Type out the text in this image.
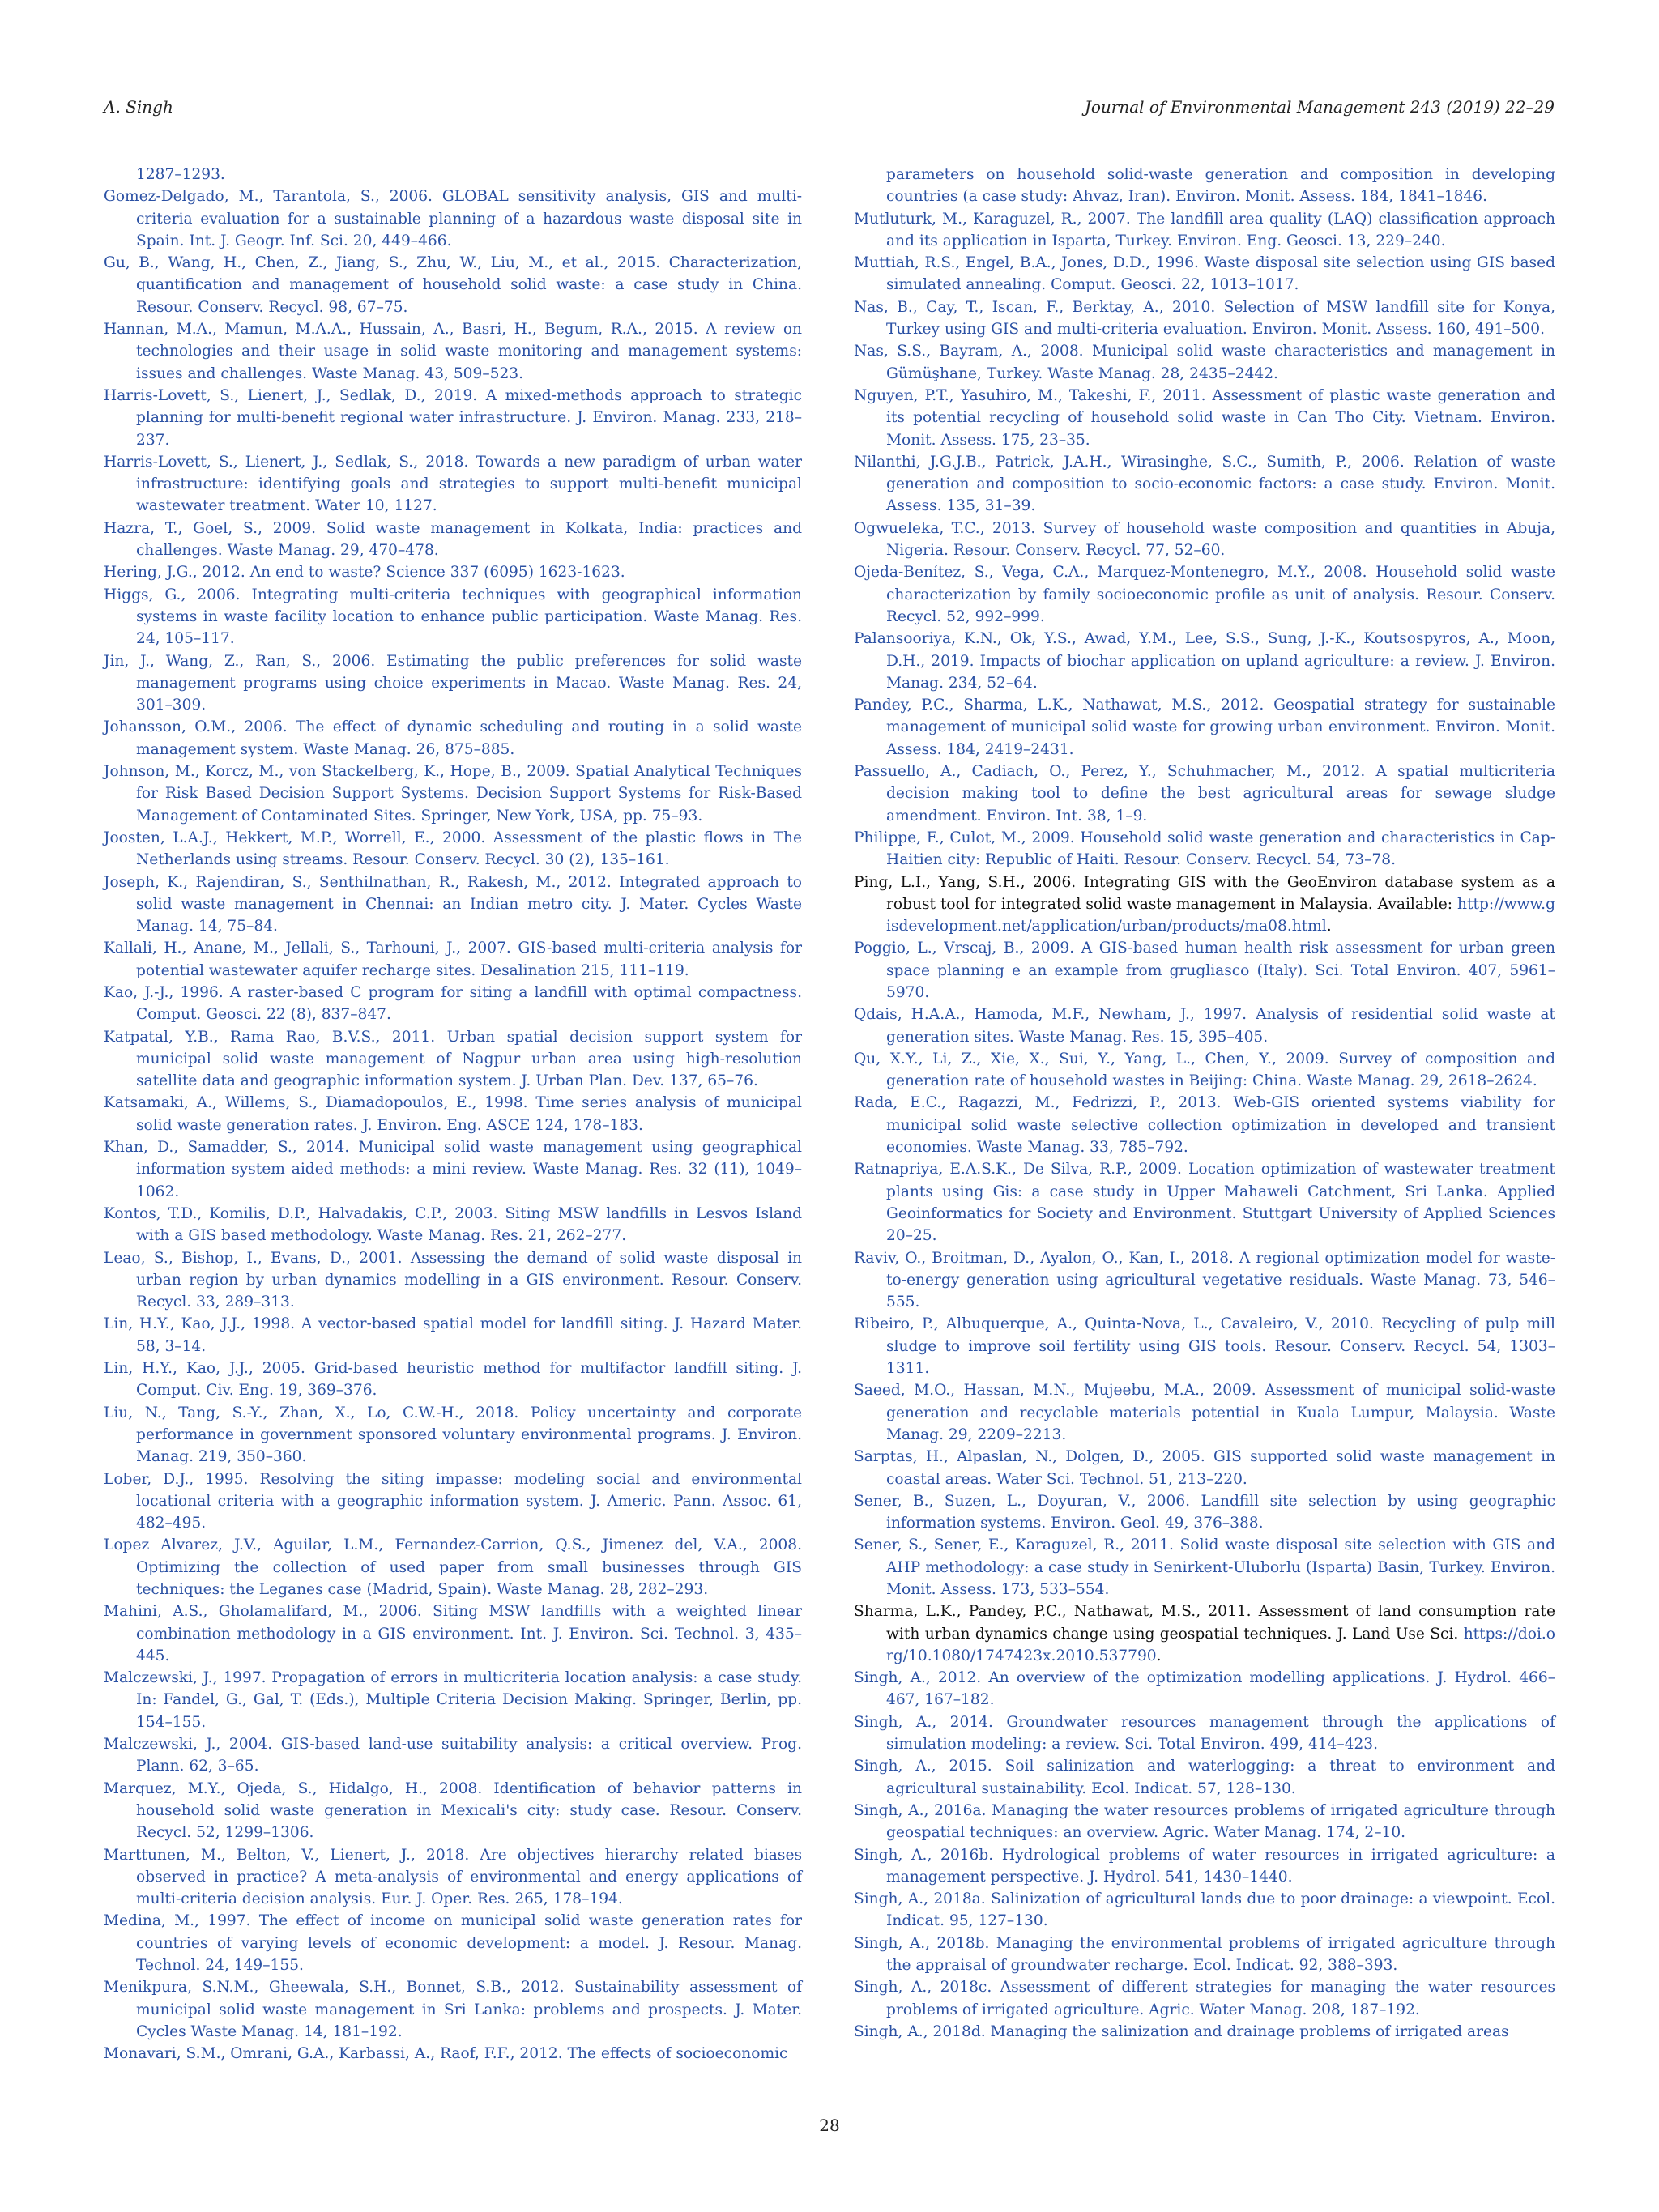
A. Singh	Journal of Environmental Management 243 (2019) 22–29

1287–1293.

Gomez-Delgado, M., Tarantola, S., 2006. GLOBAL sensitivity analysis, GIS and multi-criteria evaluation for a sustainable planning of a hazardous waste disposal site in Spain. Int. J. Geogr. Inf. Sci. 20, 449–466.

Gu, B., Wang, H., Chen, Z., Jiang, S., Zhu, W., Liu, M., et al., 2015. Characterization, quantification and management of household solid waste: a case study in China. Resour. Conserv. Recycl. 98, 67–75.

Hannan, M.A., Mamun, M.A.A., Hussain, A., Basri, H., Begum, R.A., 2015. A review on technologies and their usage in solid waste monitoring and management systems: issues and challenges. Waste Manag. 43, 509–523.

Harris-Lovett, S., Lienert, J., Sedlak, D., 2019. A mixed-methods approach to strategic planning for multi-benefit regional water infrastructure. J. Environ. Manag. 233, 218–237.

Harris-Lovett, S., Lienert, J., Sedlak, S., 2018. Towards a new paradigm of urban water infrastructure: identifying goals and strategies to support multi-benefit municipal wastewater treatment. Water 10, 1127.

Hazra, T., Goel, S., 2009. Solid waste management in Kolkata, India: practices and challenges. Waste Manag. 29, 470–478.

Hering, J.G., 2012. An end to waste? Science 337 (6095) 1623-1623.

Higgs, G., 2006. Integrating multi-criteria techniques with geographical information systems in waste facility location to enhance public participation. Waste Manag. Res. 24, 105–117.

Jin, J., Wang, Z., Ran, S., 2006. Estimating the public preferences for solid waste management programs using choice experiments in Macao. Waste Manag. Res. 24, 301–309.

Johansson, O.M., 2006. The effect of dynamic scheduling and routing in a solid waste management system. Waste Manag. 26, 875–885.

Johnson, M., Korcz, M., von Stackelberg, K., Hope, B., 2009. Spatial Analytical Techniques for Risk Based Decision Support Systems. Decision Support Systems for Risk-Based Management of Contaminated Sites. Springer, New York, USA, pp. 75–93.

Joosten, L.A.J., Hekkert, M.P., Worrell, E., 2000. Assessment of the plastic flows in The Netherlands using streams. Resour. Conserv. Recycl. 30 (2), 135–161.

Joseph, K., Rajendiran, S., Senthilnathan, R., Rakesh, M., 2012. Integrated approach to solid waste management in Chennai: an Indian metro city. J. Mater. Cycles Waste Manag. 14, 75–84.

Kallali, H., Anane, M., Jellali, S., Tarhouni, J., 2007. GIS-based multi-criteria analysis for potential wastewater aquifer recharge sites. Desalination 215, 111–119.

Kao, J.-J., 1996. A raster-based C program for siting a landfill with optimal compactness. Comput. Geosci. 22 (8), 837–847.

Katpatal, Y.B., Rama Rao, B.V.S., 2011. Urban spatial decision support system for municipal solid waste management of Nagpur urban area using high-resolution satellite data and geographic information system. J. Urban Plan. Dev. 137, 65–76.

Katsamaki, A., Willems, S., Diamadopoulos, E., 1998. Time series analysis of municipal solid waste generation rates. J. Environ. Eng. ASCE 124, 178–183.

Khan, D., Samadder, S., 2014. Municipal solid waste management using geographical information system aided methods: a mini review. Waste Manag. Res. 32 (11), 1049–1062.

Kontos, T.D., Komilis, D.P., Halvadakis, C.P., 2003. Siting MSW landfills in Lesvos Island with a GIS based methodology. Waste Manag. Res. 21, 262–277.

Leao, S., Bishop, I., Evans, D., 2001. Assessing the demand of solid waste disposal in urban region by urban dynamics modelling in a GIS environment. Resour. Conserv. Recycl. 33, 289–313.

Lin, H.Y., Kao, J.J., 1998. A vector-based spatial model for landfill siting. J. Hazard Mater. 58, 3–14.

Lin, H.Y., Kao, J.J., 2005. Grid-based heuristic method for multifactor landfill siting. J. Comput. Civ. Eng. 19, 369–376.

Liu, N., Tang, S.-Y., Zhan, X., Lo, C.W.-H., 2018. Policy uncertainty and corporate performance in government sponsored voluntary environmental programs. J. Environ. Manag. 219, 350–360.

Lober, D.J., 1995. Resolving the siting impasse: modeling social and environmental locational criteria with a geographic information system. J. Americ. Pann. Assoc. 61, 482–495.

Lopez Alvarez, J.V., Aguilar, L.M., Fernandez-Carrion, Q.S., Jimenez del, V.A., 2008. Optimizing the collection of used paper from small businesses through GIS techniques: the Leganes case (Madrid, Spain). Waste Manag. 28, 282–293.

Mahini, A.S., Gholamalifard, M., 2006. Siting MSW landfills with a weighted linear combination methodology in a GIS environment. Int. J. Environ. Sci. Technol. 3, 435–445.

Malczewski, J., 1997. Propagation of errors in multicriteria location analysis: a case study. In: Fandel, G., Gal, T. (Eds.), Multiple Criteria Decision Making. Springer, Berlin, pp. 154–155.

Malczewski, J., 2004. GIS-based land-use suitability analysis: a critical overview. Prog. Plann. 62, 3–65.

Marquez, M.Y., Ojeda, S., Hidalgo, H., 2008. Identification of behavior patterns in household solid waste generation in Mexicali's city: study case. Resour. Conserv. Recycl. 52, 1299–1306.

Marttunen, M., Belton, V., Lienert, J., 2018. Are objectives hierarchy related biases observed in practice? A meta-analysis of environmental and energy applications of multi-criteria decision analysis. Eur. J. Oper. Res. 265, 178–194.

Medina, M., 1997. The effect of income on municipal solid waste generation rates for countries of varying levels of economic development: a model. J. Resour. Manag. Technol. 24, 149–155.

Menikpura, S.N.M., Gheewala, S.H., Bonnet, S.B., 2012. Sustainability assessment of municipal solid waste management in Sri Lanka: problems and prospects. J. Mater. Cycles Waste Manag. 14, 181–192.

Monavari, S.M., Omrani, G.A., Karbassi, A., Raof, F.F., 2012. The effects of socioeconomic

parameters on household solid-waste generation and composition in developing countries (a case study: Ahvaz, Iran). Environ. Monit. Assess. 184, 1841–1846.

Mutluturk, M., Karaguzel, R., 2007. The landfill area quality (LAQ) classification approach and its application in Isparta, Turkey. Environ. Eng. Geosci. 13, 229–240.

Muttiah, R.S., Engel, B.A., Jones, D.D., 1996. Waste disposal site selection using GIS based simulated annealing. Comput. Geosci. 22, 1013–1017.

Nas, B., Cay, T., Iscan, F., Berktay, A., 2010. Selection of MSW landfill site for Konya, Turkey using GIS and multi-criteria evaluation. Environ. Monit. Assess. 160, 491–500.

Nas, S.S., Bayram, A., 2008. Municipal solid waste characteristics and management in Gümüşhane, Turkey. Waste Manag. 28, 2435–2442.

Nguyen, P.T., Yasuhiro, M., Takeshi, F., 2011. Assessment of plastic waste generation and its potential recycling of household solid waste in Can Tho City. Vietnam. Environ. Monit. Assess. 175, 23–35.

Nilanthi, J.G.J.B., Patrick, J.A.H., Wirasinghe, S.C., Sumith, P., 2006. Relation of waste generation and composition to socio-economic factors: a case study. Environ. Monit. Assess. 135, 31–39.

Ogwueleka, T.C., 2013. Survey of household waste composition and quantities in Abuja, Nigeria. Resour. Conserv. Recycl. 77, 52–60.

Ojeda-Benítez, S., Vega, C.A., Marquez-Montenegro, M.Y., 2008. Household solid waste characterization by family socioeconomic profile as unit of analysis. Resour. Conserv. Recycl. 52, 992–999.

Palansooriya, K.N., Ok, Y.S., Awad, Y.M., Lee, S.S., Sung, J.-K., Koutsospyros, A., Moon, D.H., 2019. Impacts of biochar application on upland agriculture: a review. J. Environ. Manag. 234, 52–64.

Pandey, P.C., Sharma, L.K., Nathawat, M.S., 2012. Geospatial strategy for sustainable management of municipal solid waste for growing urban environment. Environ. Monit. Assess. 184, 2419–2431.

Passuello, A., Cadiach, O., Perez, Y., Schuhmacher, M., 2012. A spatial multicriteria decision making tool to define the best agricultural areas for sewage sludge amendment. Environ. Int. 38, 1–9.

Philippe, F., Culot, M., 2009. Household solid waste generation and characteristics in Cap-Haitien city: Republic of Haiti. Resour. Conserv. Recycl. 54, 73–78.

Ping, L.I., Yang, S.H., 2006. Integrating GIS with the GeoEnviron database system as a robust tool for integrated solid waste management in Malaysia. Available: http://www.gisdevelopment.net/application/urban/products/ma08.html.

Poggio, L., Vrscaj, B., 2009. A GIS-based human health risk assessment for urban green space planning e an example from grugliasco (Italy). Sci. Total Environ. 407, 5961–5970.

Qdais, H.A.A., Hamoda, M.F., Newham, J., 1997. Analysis of residential solid waste at generation sites. Waste Manag. Res. 15, 395–405.

Qu, X.Y., Li, Z., Xie, X., Sui, Y., Yang, L., Chen, Y., 2009. Survey of composition and generation rate of household wastes in Beijing: China. Waste Manag. 29, 2618–2624.

Rada, E.C., Ragazzi, M., Fedrizzi, P., 2013. Web-GIS oriented systems viability for municipal solid waste selective collection optimization in developed and transient economies. Waste Manag. 33, 785–792.

Ratnapriya, E.A.S.K., De Silva, R.P., 2009. Location optimization of wastewater treatment plants using Gis: a case study in Upper Mahaweli Catchment, Sri Lanka. Applied Geoinformatics for Society and Environment. Stuttgart University of Applied Sciences 20–25.

Raviv, O., Broitman, D., Ayalon, O., Kan, I., 2018. A regional optimization model for waste-to-energy generation using agricultural vegetative residuals. Waste Manag. 73, 546–555.

Ribeiro, P., Albuquerque, A., Quinta-Nova, L., Cavaleiro, V., 2010. Recycling of pulp mill sludge to improve soil fertility using GIS tools. Resour. Conserv. Recycl. 54, 1303–1311.

Saeed, M.O., Hassan, M.N., Mujeebu, M.A., 2009. Assessment of municipal solid-waste generation and recyclable materials potential in Kuala Lumpur, Malaysia. Waste Manag. 29, 2209–2213.

Sarptas, H., Alpaslan, N., Dolgen, D., 2005. GIS supported solid waste management in coastal areas. Water Sci. Technol. 51, 213–220.

Sener, B., Suzen, L., Doyuran, V., 2006. Landfill site selection by using geographic information systems. Environ. Geol. 49, 376–388.

Sener, S., Sener, E., Karaguzel, R., 2011. Solid waste disposal site selection with GIS and AHP methodology: a case study in Senirkent-Uluborlu (Isparta) Basin, Turkey. Environ. Monit. Assess. 173, 533–554.

Sharma, L.K., Pandey, P.C., Nathawat, M.S., 2011. Assessment of land consumption rate with urban dynamics change using geospatial techniques. J. Land Use Sci. https://doi.org/10.1080/1747423x.2010.537790.

Singh, A., 2012. An overview of the optimization modelling applications. J. Hydrol. 466–467, 167–182.

Singh, A., 2014. Groundwater resources management through the applications of simulation modeling: a review. Sci. Total Environ. 499, 414–423.

Singh, A., 2015. Soil salinization and waterlogging: a threat to environment and agricultural sustainability. Ecol. Indicat. 57, 128–130.

Singh, A., 2016a. Managing the water resources problems of irrigated agriculture through geospatial techniques: an overview. Agric. Water Manag. 174, 2–10.

Singh, A., 2016b. Hydrological problems of water resources in irrigated agriculture: a management perspective. J. Hydrol. 541, 1430–1440.

Singh, A., 2018a. Salinization of agricultural lands due to poor drainage: a viewpoint. Ecol. Indicat. 95, 127–130.

Singh, A., 2018b. Managing the environmental problems of irrigated agriculture through the appraisal of groundwater recharge. Ecol. Indicat. 92, 388–393.

Singh, A., 2018c. Assessment of different strategies for managing the water resources problems of irrigated agriculture. Agric. Water Manag. 208, 187–192.

Singh, A., 2018d. Managing the salinization and drainage problems of irrigated areas

28
